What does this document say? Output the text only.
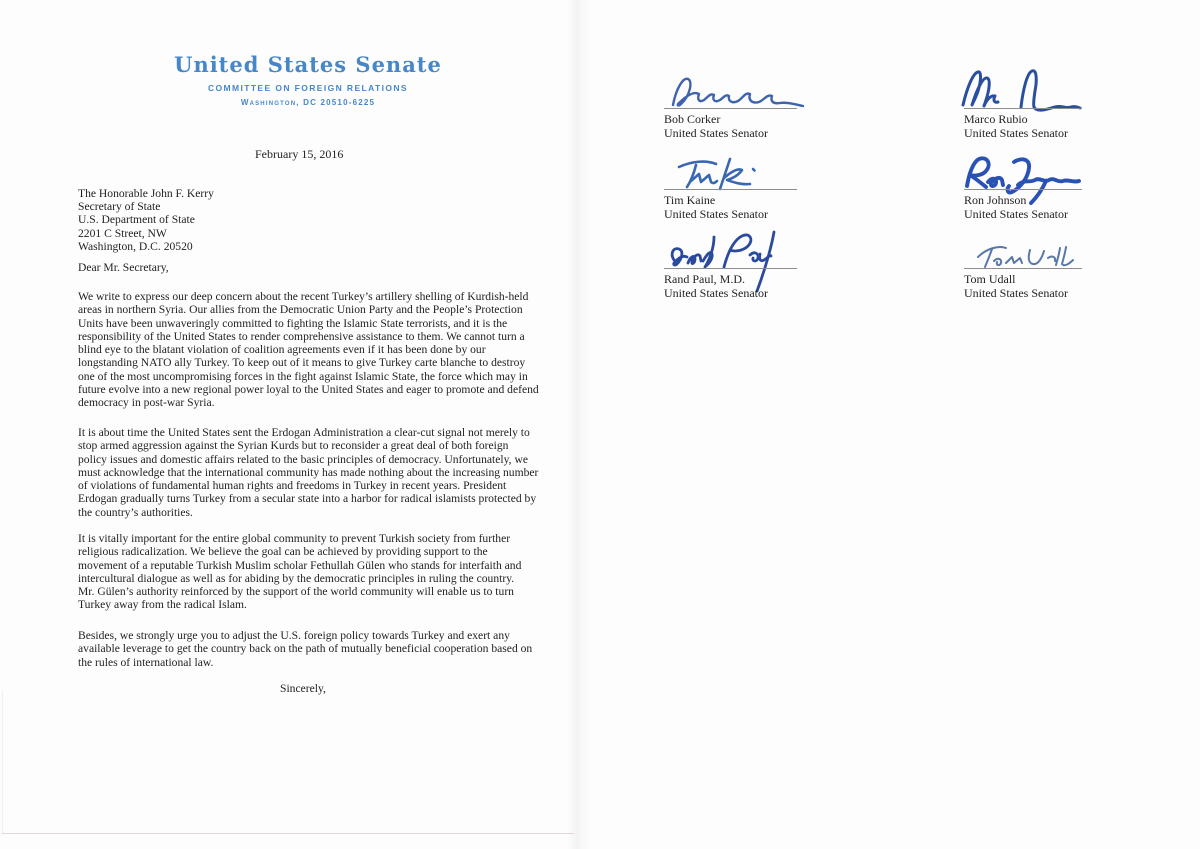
United States Senate
COMMITTEE ON FOREIGN RELATIONS
Washington, DC 20510-6225
February 15, 2016
The Honorable John F. Kerry
Secretary of State
U.S. Department of State
2201 C Street, NW
Washington, D.C. 20520
Dear Mr. Secretary,
We write to express our deep concern about the recent Turkey’s artillery shelling of Kurdish-held
areas in northern Syria. Our allies from the Democratic Union Party and the People’s Protection
Units have been unwaveringly committed to fighting the Islamic State terrorists, and it is the
responsibility of the United States to render comprehensive assistance to them. We cannot turn a
blind eye to the blatant violation of coalition agreements even if it has been done by our
longstanding NATO ally Turkey. To keep out of it means to give Turkey carte blanche to destroy
one of the most uncompromising forces in the fight against Islamic State, the force which may in
future evolve into a new regional power loyal to the United States and eager to promote and defend
democracy in post-war Syria.
It is about time the United States sent the Erdogan Administration a clear-cut signal not merely to
stop armed aggression against the Syrian Kurds but to reconsider a great deal of both foreign
policy issues and domestic affairs related to the basic principles of democracy. Unfortunately, we
must acknowledge that the international community has made nothing about the increasing number
of violations of fundamental human rights and freedoms in Turkey in recent years. President
Erdogan gradually turns Turkey from a secular state into a harbor for radical islamists protected by
the country’s authorities.
It is vitally important for the entire global community to prevent Turkish society from further
religious radicalization. We believe the goal can be achieved by providing support to the
movement of a reputable Turkish Muslim scholar Fethullah Gülen who stands for interfaith and
intercultural dialogue as well as for abiding by the democratic principles in ruling the country.
Mr. Gülen’s authority reinforced by the support of the world community will enable us to turn
Turkey away from the radical Islam.
Besides, we strongly urge you to adjust the U.S. foreign policy towards Turkey and exert any
available leverage to get the country back on the path of mutually beneficial cooperation based on
the rules of international law.
Sincerely,
Bob Corker
United States Senator
Marco Rubio
United States Senator
Tim Kaine
United States Senator
Ron Johnson
United States Senator
Rand Paul, M.D.
United States Senator
Tom Udall
United States Senator
